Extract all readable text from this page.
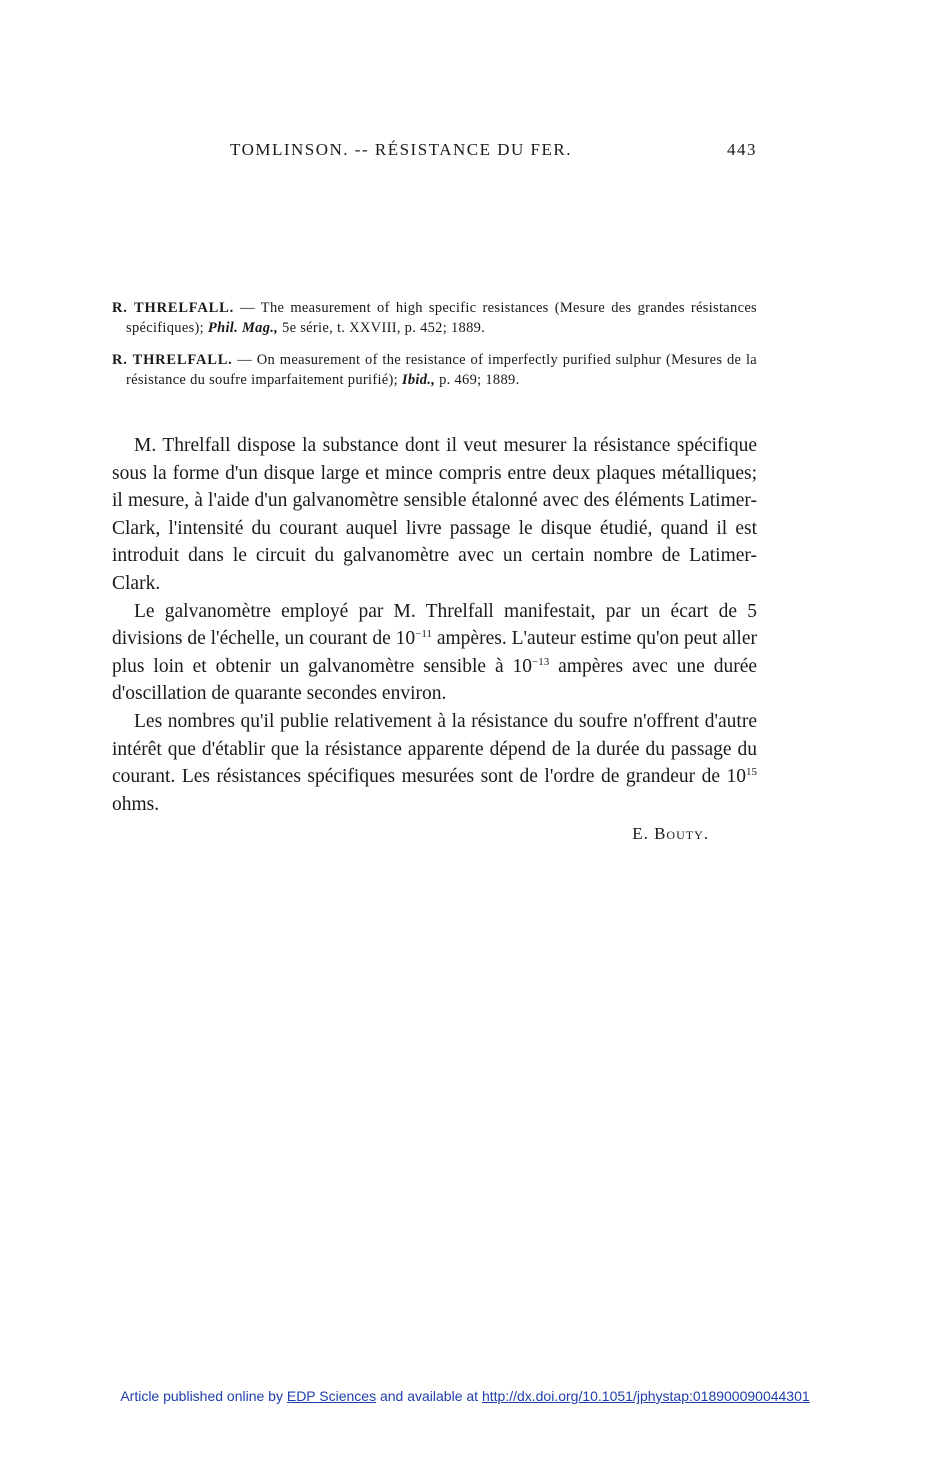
TOMLINSON. -- RÉSISTANCE DU FER.	443

R. THRELFALL. — The measurement of high specific resistances (Mesure des grandes résistances spécifiques); Phil. Mag., 5e série, t. XXVIII, p. 452; 1889.

R. THRELFALL. — On measurement of the resistance of imperfectly purified sulphur (Mesures de la résistance du soufre imparfaitement purifié); Ibid., p. 469; 1889.

M. Threlfall dispose la substance dont il veut mesurer la résistance spécifique sous la forme d'un disque large et mince compris entre deux plaques métalliques; il mesure, à l'aide d'un galvanomètre sensible étalonné avec des éléments Latimer-Clark, l'intensité du courant auquel livre passage le disque étudié, quand il est introduit dans le circuit du galvanomètre avec un certain nombre de Latimer-Clark.

Le galvanomètre employé par M. Threlfall manifestait, par un écart de 5 divisions de l'échelle, un courant de $10^{-11}$ ampères. L'auteur estime qu'on peut aller plus loin et obtenir un galvanomètre sensible à $10^{-13}$ ampères avec une durée d'oscillation de quarante secondes environ.

Les nombres qu'il publie relativement à la résistance du soufre n'offrent d'autre intérêt que d'établir que la résistance apparente dépend de la durée du passage du courant. Les résistances spécifiques mesurées sont de l'ordre de grandeur de $10^{15}$ ohms.

E. Bouty.

Article published online by EDP Sciences and available at http://dx.doi.org/10.1051/jphystap:018900090044301
